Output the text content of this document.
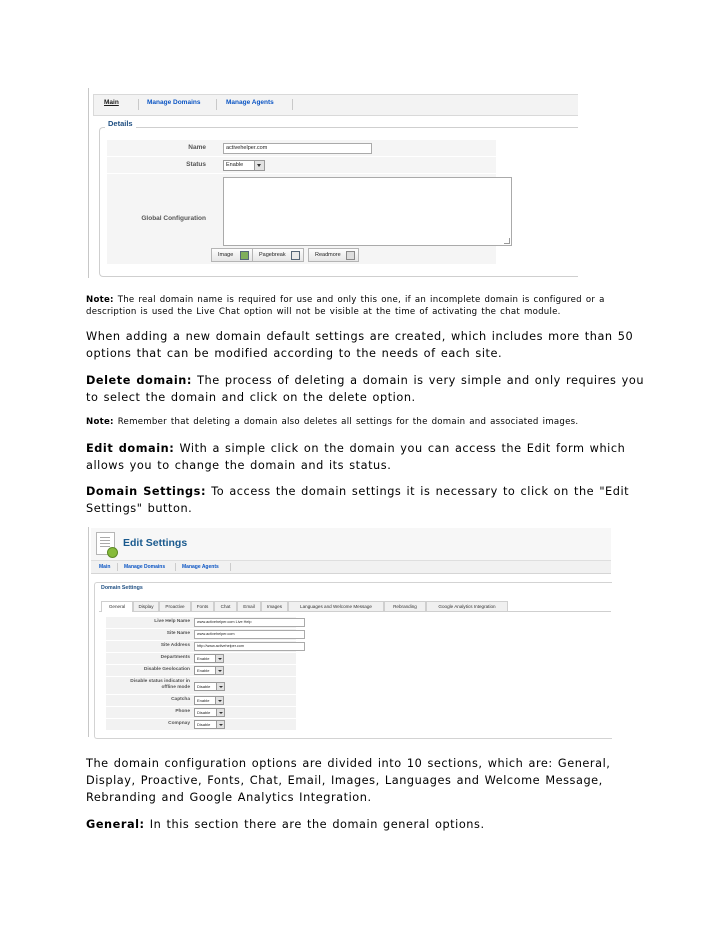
Main	Manage Domains	Manage Agents
Details
Name	activehelper.com
Status	Enable
Global Configuration
Image	Pagebreak	Readmore
Note: The real domain name is required for use and only this one, if an incomplete domain is configured or a description is used the Live Chat option will not be visible at the time of activating the chat module.
When adding a new domain default settings are created, which includes more than 50 options that can be modified according to the needs of each site.
Delete domain: The process of deleting a domain is very simple and only requires you to select the domain and click on the delete option.
Note: Remember that deleting a domain also deletes all settings for the domain and associated images.
Edit domain: With a simple click on the domain you can access the Edit form which allows you to change the domain and its status.
Domain Settings: To access the domain settings it is necessary to click on the "Edit Settings" button.
Edit Settings
Main	Manage Domains	Manage Agents
Domain Settings
General	Display	Proactive	Fonts	Chat	Email	Images	Languages and Welcome Message	Rebranding	Google Analytics Integration
Live Help Name	www.activehelper.com Live Help
Site Name	www.activehelper.com
Site Address	http://www.activehelper.com
Departments	Enable
Disable Geolocation	Enable
Disable status indicator in offline mode	Disable
Captcha	Enable
Phone	Disable
Compnay	Disable
The domain configuration options are divided into 10 sections, which are: General, Display, Proactive, Fonts, Chat, Email, Images, Languages and Welcome Message, Rebranding and Google Analytics Integration.
General: In this section there are the domain general options.
